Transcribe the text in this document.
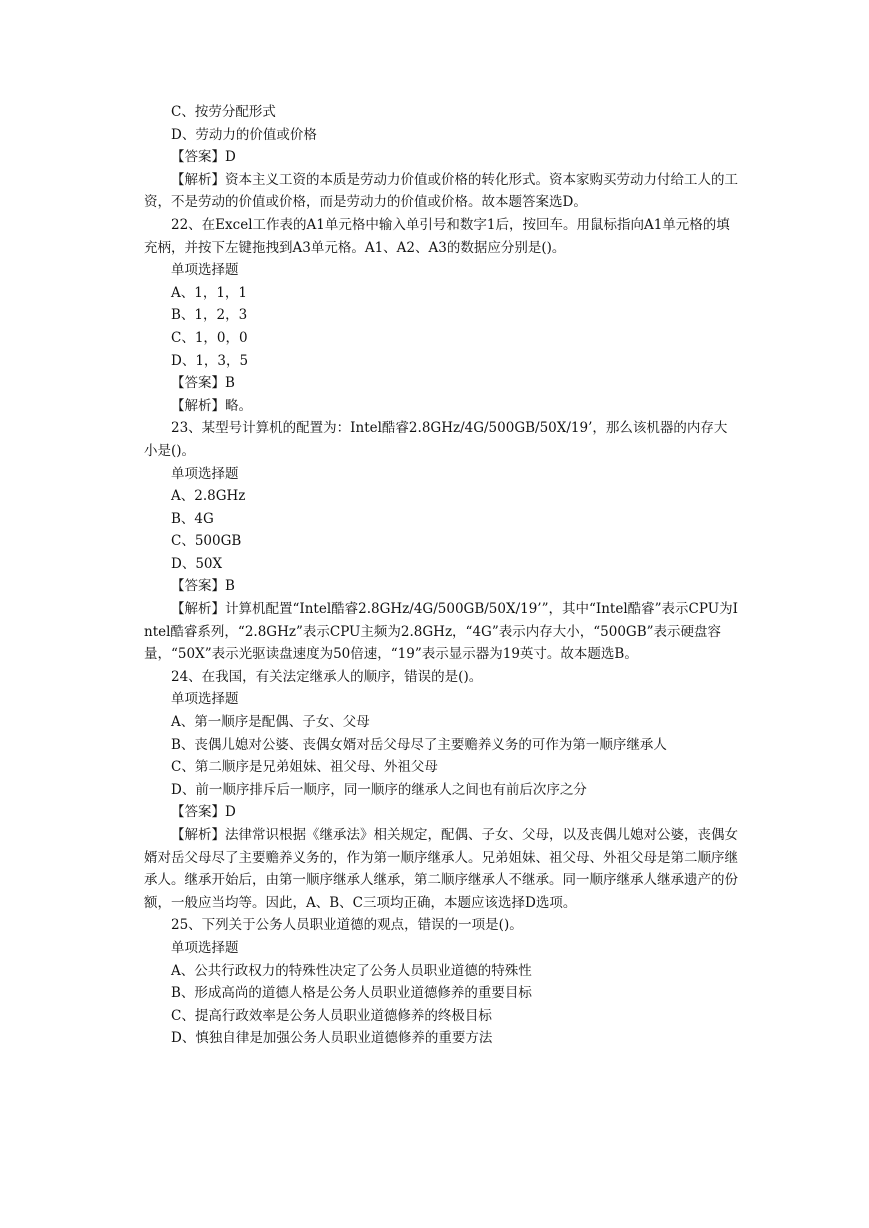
C、按劳分配形式

D、劳动力的价值或价格

【答案】D

【解析】资本主义工资的本质是劳动力价值或价格的转化形式。资本家购买劳动力付给工人的工资，不是劳动的价值或价格，而是劳动力的价值或价格。故本题答案选D。

22、在Excel工作表的A1单元格中输入单引号和数字1后，按回车。用鼠标指向A1单元格的填充柄，并按下左键拖拽到A3单元格。A1、A2、A3的数据应分别是()。

单项选择题

A、1，1，1

B、1，2，3

C、1，0，0

D、1，3，5

【答案】B

【解析】略。

23、某型号计算机的配置为：Intel酷睿2.8GHz/4G/500GB/50X/19’，那么该机器的内存大小是()。

单项选择题

A、2.8GHz

B、4G

C、500GB

D、50X

【答案】B

【解析】计算机配置“Intel酷睿2.8GHz/4G/500GB/50X/19’”，其中“Intel酷睿”表示CPU为Intel酷睿系列，“2.8GHz”表示CPU主频为2.8GHz，“4G”表示内存大小，“500GB”表示硬盘容量，“50X”表示光驱读盘速度为50倍速，“19”表示显示器为19英寸。故本题选B。

24、在我国，有关法定继承人的顺序，错误的是()。

单项选择题

A、第一顺序是配偶、子女、父母

B、丧偶儿媳对公婆、丧偶女婿对岳父母尽了主要赡养义务的可作为第一顺序继承人

C、第二顺序是兄弟姐妹、祖父母、外祖父母

D、前一顺序排斥后一顺序，同一顺序的继承人之间也有前后次序之分

【答案】D

【解析】法律常识根据《继承法》相关规定，配偶、子女、父母，以及丧偶儿媳对公婆，丧偶女婿对岳父母尽了主要赡养义务的，作为第一顺序继承人。兄弟姐妹、祖父母、外祖父母是第二顺序继承人。继承开始后，由第一顺序继承人继承，第二顺序继承人不继承。同一顺序继承人继承遗产的份额，一般应当均等。因此，A、B、C三项均正确，本题应该选择D选项。

25、下列关于公务人员职业道德的观点，错误的一项是()。

单项选择题

A、公共行政权力的特殊性决定了公务人员职业道德的特殊性

B、形成高尚的道德人格是公务人员职业道德修养的重要目标

C、提高行政效率是公务人员职业道德修养的终极目标

D、慎独自律是加强公务人员职业道德修养的重要方法
